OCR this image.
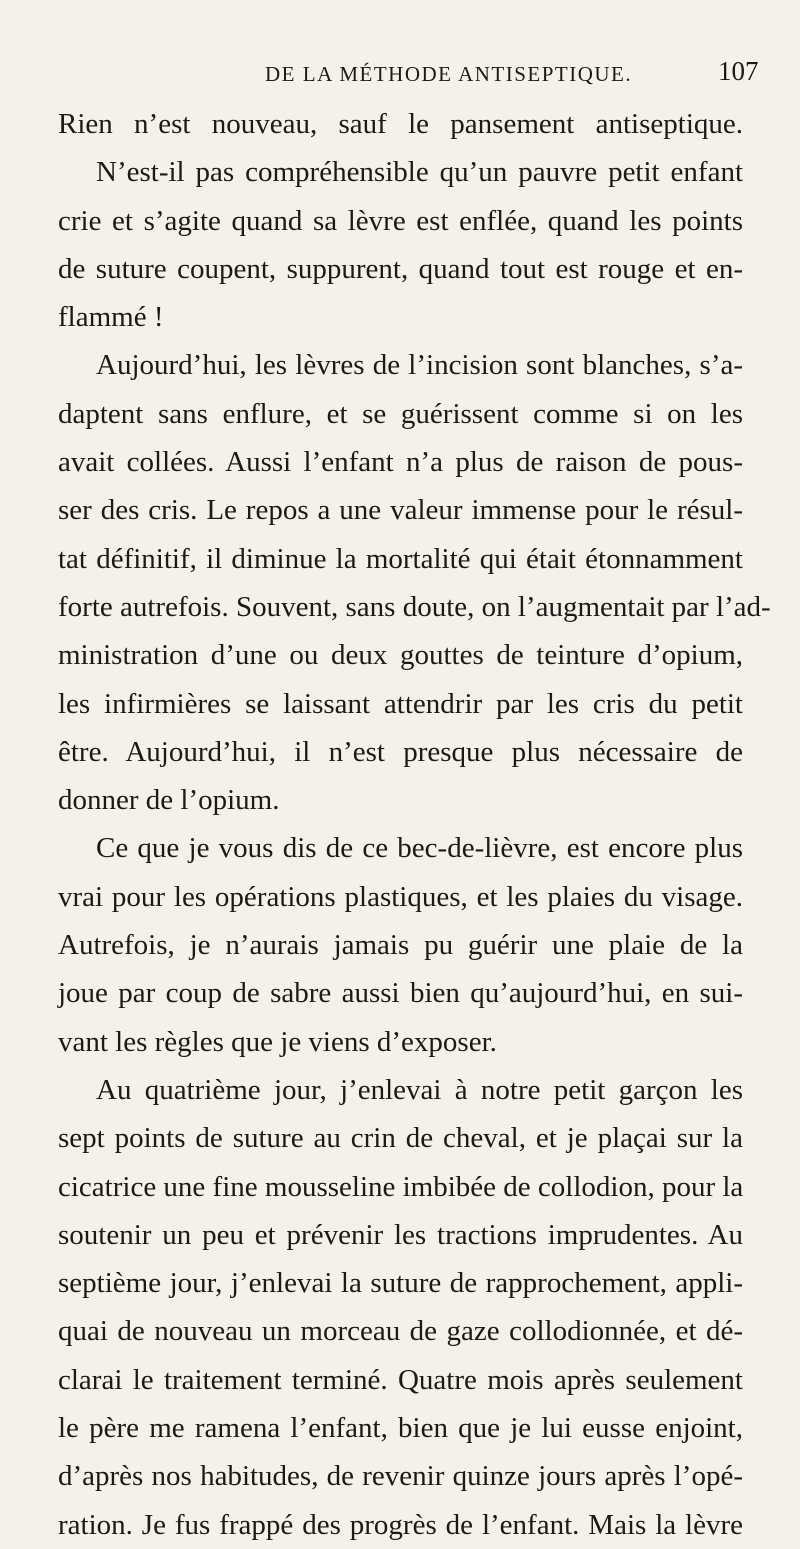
DE LA MÉTHODE ANTISEPTIQUE.	107
Rien n’est nouveau, sauf le pansement antiseptique.
N’est-il pas compréhensible qu’un pauvre petit enfant
crie et s’agite quand sa lèvre est enflée, quand les points
de suture coupent, suppurent, quand tout est rouge et en-
flammé !
Aujourd’hui, les lèvres de l’incision sont blanches, s’a-
daptent sans enflure, et se guérissent comme si on les
avait collées. Aussi l’enfant n’a plus de raison de pous-
ser des cris. Le repos a une valeur immense pour le résul-
tat définitif, il diminue la mortalité qui était étonnamment
forte autrefois. Souvent, sans doute, on l’augmentait par l’ad-
ministration d’une ou deux gouttes de teinture d’opium,
les infirmières se laissant attendrir par les cris du petit
être. Aujourd’hui, il n’est presque plus nécessaire de
donner de l’opium.
Ce que je vous dis de ce bec-de-lièvre, est encore plus
vrai pour les opérations plastiques, et les plaies du visage.
Autrefois, je n’aurais jamais pu guérir une plaie de la
joue par coup de sabre aussi bien qu’aujourd’hui, en sui-
vant les règles que je viens d’exposer.
Au quatrième jour, j’enlevai à notre petit garçon les
sept points de suture au crin de cheval, et je plaçai sur la
cicatrice une fine mousseline imbibée de collodion, pour la
soutenir un peu et prévenir les tractions imprudentes. Au
septième jour, j’enlevai la suture de rapprochement, appli-
quai de nouveau un morceau de gaze collodionnée, et dé-
clarai le traitement terminé. Quatre mois après seulement
le père me ramena l’enfant, bien que je lui eusse enjoint,
d’après nos habitudes, de revenir quinze jours après l’opé-
ration. Je fus frappé des progrès de l’enfant. Mais la lèvre
